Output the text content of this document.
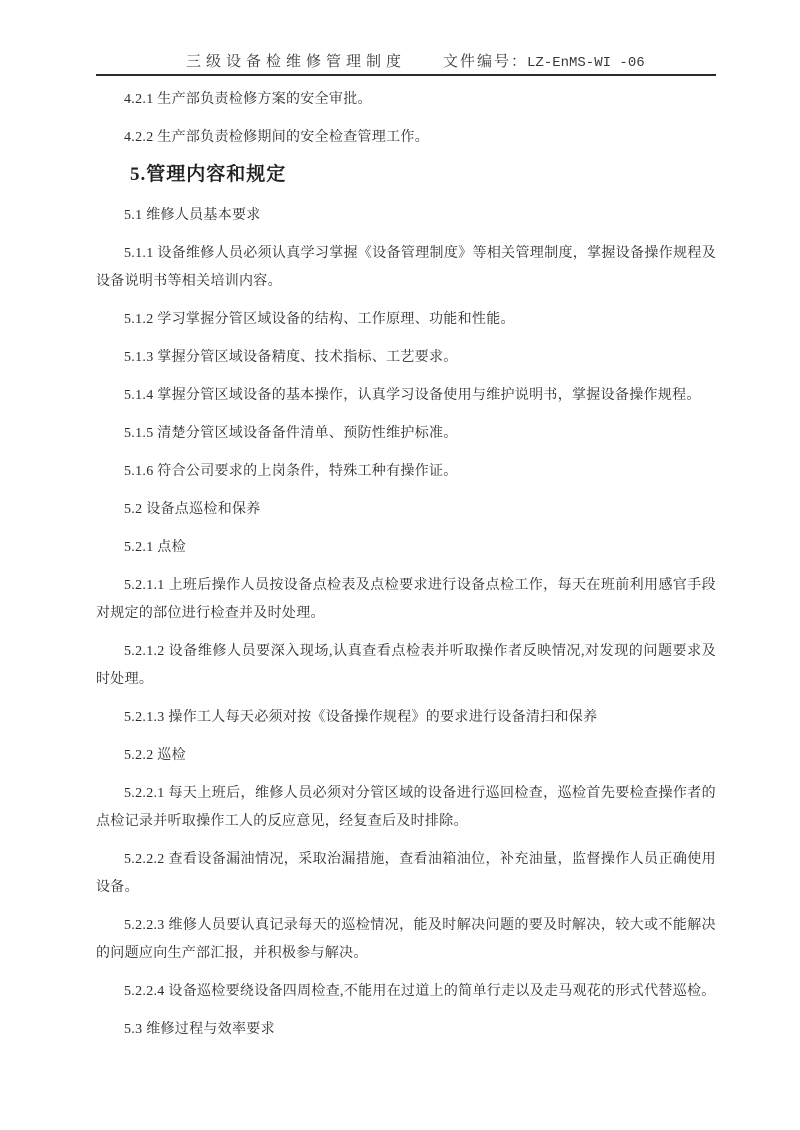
三级设备检维修管理制度 文件编号：
LZ-EnMS-WI -06

4.2.1 生产部负责检修方案的安全审批。

4.2.2 生产部负责检修期间的安全检查管理工作。

5.管理内容和规定

5.1 维修人员基本要求

5.1.1 设备维修人员必须认真学习掌握《设备管理制度》等相关管理制度，掌握设备操作规程及设备说明书等相关培训内容。

5.1.2 学习掌握分管区域设备的结构、工作原理、功能和性能。

5.1.3 掌握分管区域设备精度、技术指标、工艺要求。

5.1.4 掌握分管区域设备的基本操作，认真学习设备使用与维护说明书，掌握设备操作规程。

5.1.5 清楚分管区域设备备件清单、预防性维护标准。

5.1.6 符合公司要求的上岗条件，特殊工种有操作证。

5.2 设备点巡检和保养

5.2.1 点检

5.2.1.1 上班后操作人员按设备点检表及点检要求进行设备点检工作，每天在班前利用感官手段对规定的部位进行检查并及时处理。

5.2.1.2 设备维修人员要深入现场,认真查看点检表并听取操作者反映情况,对发现的问题要求及时处理。

5.2.1.3 操作工人每天必须对按《设备操作规程》的要求进行设备清扫和保养

5.2.2 巡检

5.2.2.1 每天上班后，维修人员必须对分管区域的设备进行巡回检查，巡检首先要检查操作者的点检记录并听取操作工人的反应意见，经复查后及时排除。

5.2.2.2 查看设备漏油情况，采取治漏措施，查看油箱油位，补充油量，监督操作人员正确使用设备。

5.2.2.3 维修人员要认真记录每天的巡检情况，能及时解决问题的要及时解决，较大或不能解决的问题应向生产部汇报，并积极参与解决。

5.2.2.4 设备巡检要绕设备四周检查,不能用在过道上的简单行走以及走马观花的形式代替巡检。

5.3 维修过程与效率要求
